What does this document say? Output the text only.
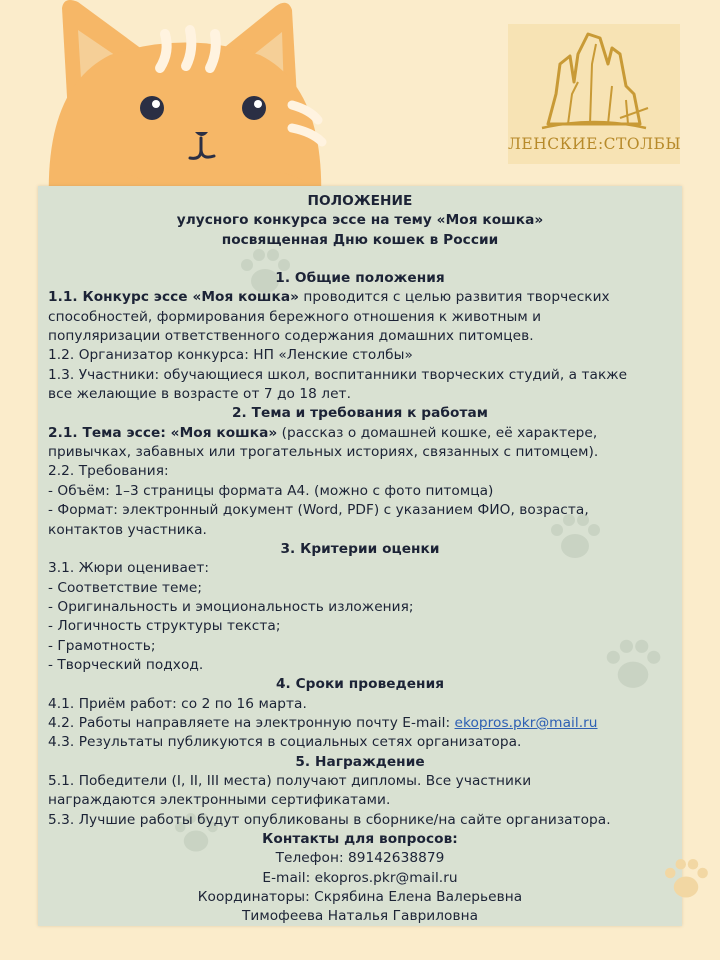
ЛЕНСКИЕ:СТОЛБЫ
ПОЛОЖЕНИЕ
улусного конкурса эссе на тему «Моя кошка»
посвященная Дню кошек в России
1. Общие положения
1.1. Конкурс эссе «Моя кошка» проводится с целью развития творческих
способностей, формирования бережного отношения к животным и
популяризации ответственного содержания домашних питомцев.
1.2. Организатор конкурса: НП «Ленские столбы»
1.3. Участники: обучающиеся школ, воспитанники творческих студий, а также
все желающие в возрасте от 7 до 18 лет.
2. Тема и требования к работам
2.1. Тема эссе: «Моя кошка» (рассказ о домашней кошке, её характере,
привычках, забавных или трогательных историях, связанных с питомцем).
2.2. Требования:
- Объём: 1–3 страницы формата А4. (можно с фото питомца)
- Формат: электронный документ (Word, PDF) с указанием ФИО, возраста,
контактов участника.
3. Критерии оценки
3.1. Жюри оценивает:
- Соответствие теме;
- Оригинальность и эмоциональность изложения;
- Логичность структуры текста;
- Грамотность;
- Творческий подход.
4. Сроки проведения
4.1. Приём работ: со 2 по 16 марта.
4.2. Работы направляете на электронную почту E-mail: ekopros.pkr@mail.ru
4.3. Результаты публикуются в социальных сетях организатора.
5. Награждение
5.1. Победители (I, II, III места) получают дипломы. Все участники
награждаются электронными сертификатами.
5.3. Лучшие работы будут опубликованы в сборнике/на сайте организатора.
Контакты для вопросов:
Телефон: 89142638879
E-mail: ekopros.pkr@mail.ru
Координаторы: Скрябина Елена Валерьевна
Тимофеева Наталья Гавриловна
